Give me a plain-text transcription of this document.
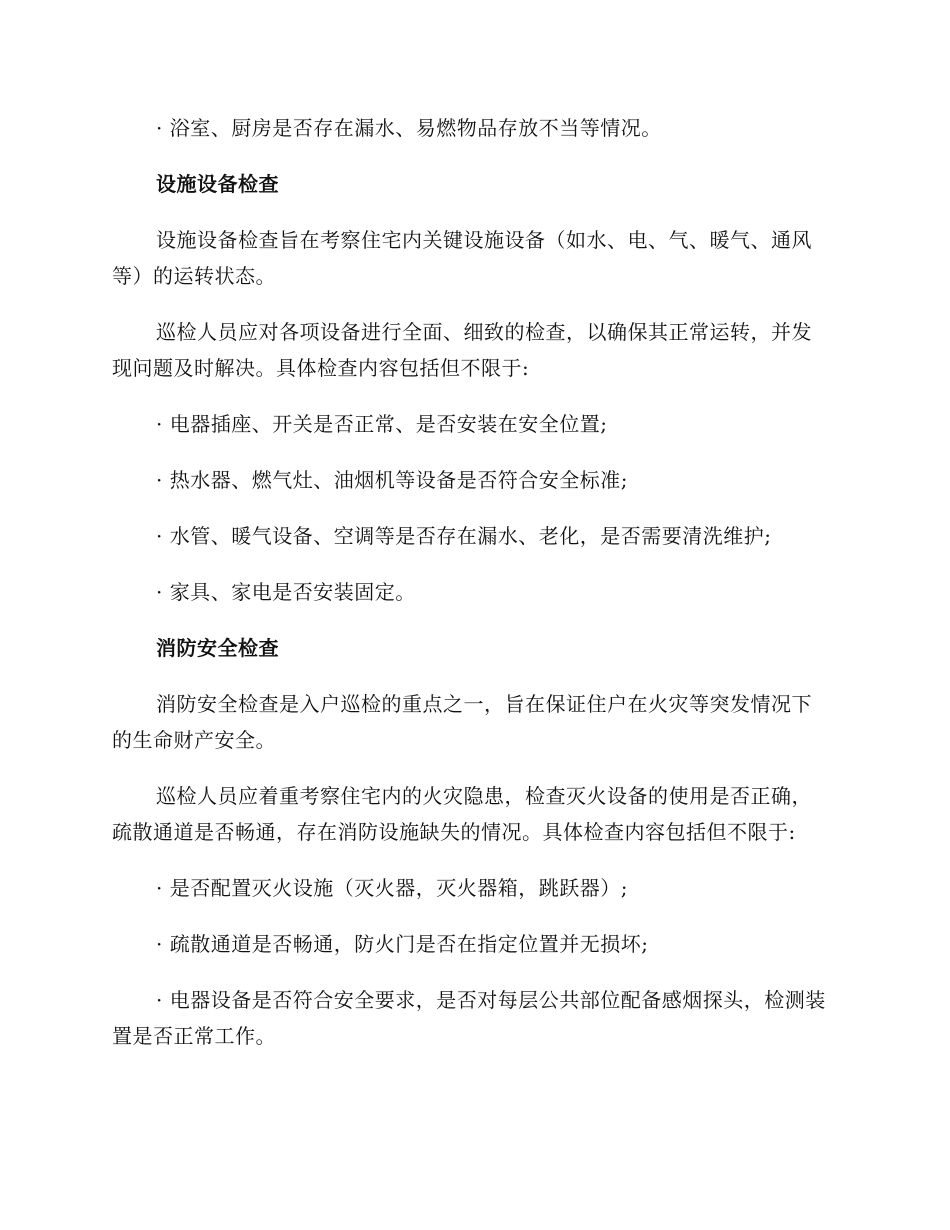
· 浴室、厨房是否存在漏水、易燃物品存放不当等情况。

设施设备检查

设施设备检查旨在考察住宅内关键设施设备（如水、电、气、暖气、通风等）的运转状态。

巡检人员应对各项设备进行全面、细致的检查，以确保其正常运转，并发现问题及时解决。具体检查内容包括但不限于:

· 电器插座、开关是否正常、是否安装在安全位置;

· 热水器、燃气灶、油烟机等设备是否符合安全标准;

· 水管、暖气设备、空调等是否存在漏水、老化，是否需要清洗维护;

· 家具、家电是否安装固定。

消防安全检查

消防安全检查是入户巡检的重点之一，旨在保证住户在火灾等突发情况下的生命财产安全。

巡检人员应着重考察住宅内的火灾隐患，检查灭火设备的使用是否正确，疏散通道是否畅通，存在消防设施缺失的情况。具体检查内容包括但不限于:

· 是否配置灭火设施（灭火器，灭火器箱，跳跃器）;

· 疏散通道是否畅通，防火门是否在指定位置并无损坏;

· 电器设备是否符合安全要求，是否对每层公共部位配备感烟探头，检测装置是否正常工作。
